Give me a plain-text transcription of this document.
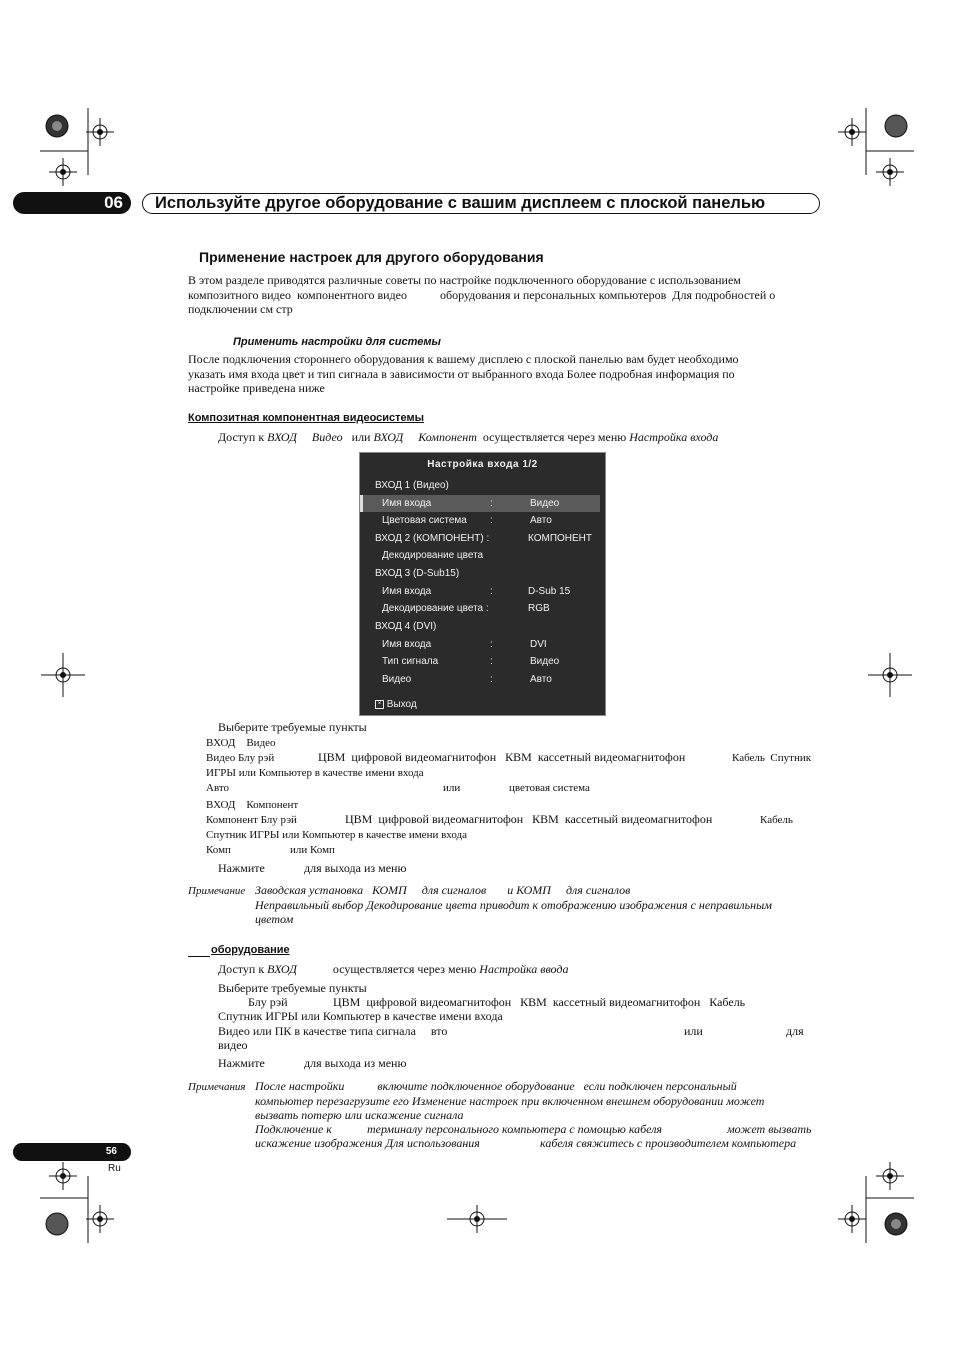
06	Используйте другое оборудование с вашим дисплеем с плоской панелью
Применение настроек для другого оборудования
В этом разделе приводятся различные советы по настройке подключенного оборудование с использованием
композитного видео  компонентного видео           оборудования и персональных компьютеров  Для подробностей о
подключении см стр
Применить настройки для системы
После подключения стороннего оборудования к вашему дисплею с плоской панелью вам будет необходимо
указать имя входа цвет и тип сигнала в зависимости от выбранного входа Более подробная информация по
настройке приведена ниже
Композитная компонентная видеосистемы
Доступ к ВХОД Видео или ВХОД Компонент осуществляется через меню Настройка входа
Настройка входа 1/2
ВХОД 1 (Видео)
Имя входа	:	Видео
Цветовая система :	Авто
ВХОД 2 (КОМПОНЕНТ) :	КОМПОНЕНТ
Декодирование цвета
ВХОД 3 (D-Sub15)
Имя входа	:	D-Sub 15
Декодирование цвета :	RGB
ВХОД 4 (DVI)
Имя входа	:	DVI
Тип сигнала	:	Видео
Видео	:	Авто
× Выход
Выберите требуемые пункты
ВХОД    Видео
Видео Блу рэй	ЦВМ  цифровой видеомагнитофон   КВМ  кассетный видеомагнитофон	Кабель  Спутник
ИГРЫ или Компьютер в качестве имени входа
Авто	или	цветовая система
ВХОД    Компонент
Компонент Блу рэй	ЦВМ  цифровой видеомагнитофон   КВМ  кассетный видеомагнитофон	Кабель
Спутник ИГРЫ или Компьютер в качестве имени входа
Комп	или Комп
Нажмите	для выхода из меню
Примечание Заводская установка   КОМП     для сигналов       и КОМП     для сигналов
Неправильный выбор Декодирование цвета приводит к отображению изображения с неправильным
цветом
оборудование
Доступ к ВХОД	осуществляется через меню Настройка ввода
Выберите требуемые пункты
Блу рэй	ЦВМ  цифровой видеомагнитофон   КВМ  кассетный видеомагнитофон   Кабель
Спутник ИГРЫ или Компьютер в качестве имени входа
Видео или ПК в качестве типа сигнала     вто	или	для
видео
Нажмите	для выхода из меню
Примечания После настройки           включите подключенное оборудование   если подключен персональный
компьютер перезагрузите его Изменение настроек при включенном внешнем оборудовании может
вызвать потерю или искажение сигнала
Подключение к	терминалу персонального компьютера с помощью кабеля	может вызвать
искажение изображения Для использования	кабеля свяжитесь с производителем компьютера
56
Ru
